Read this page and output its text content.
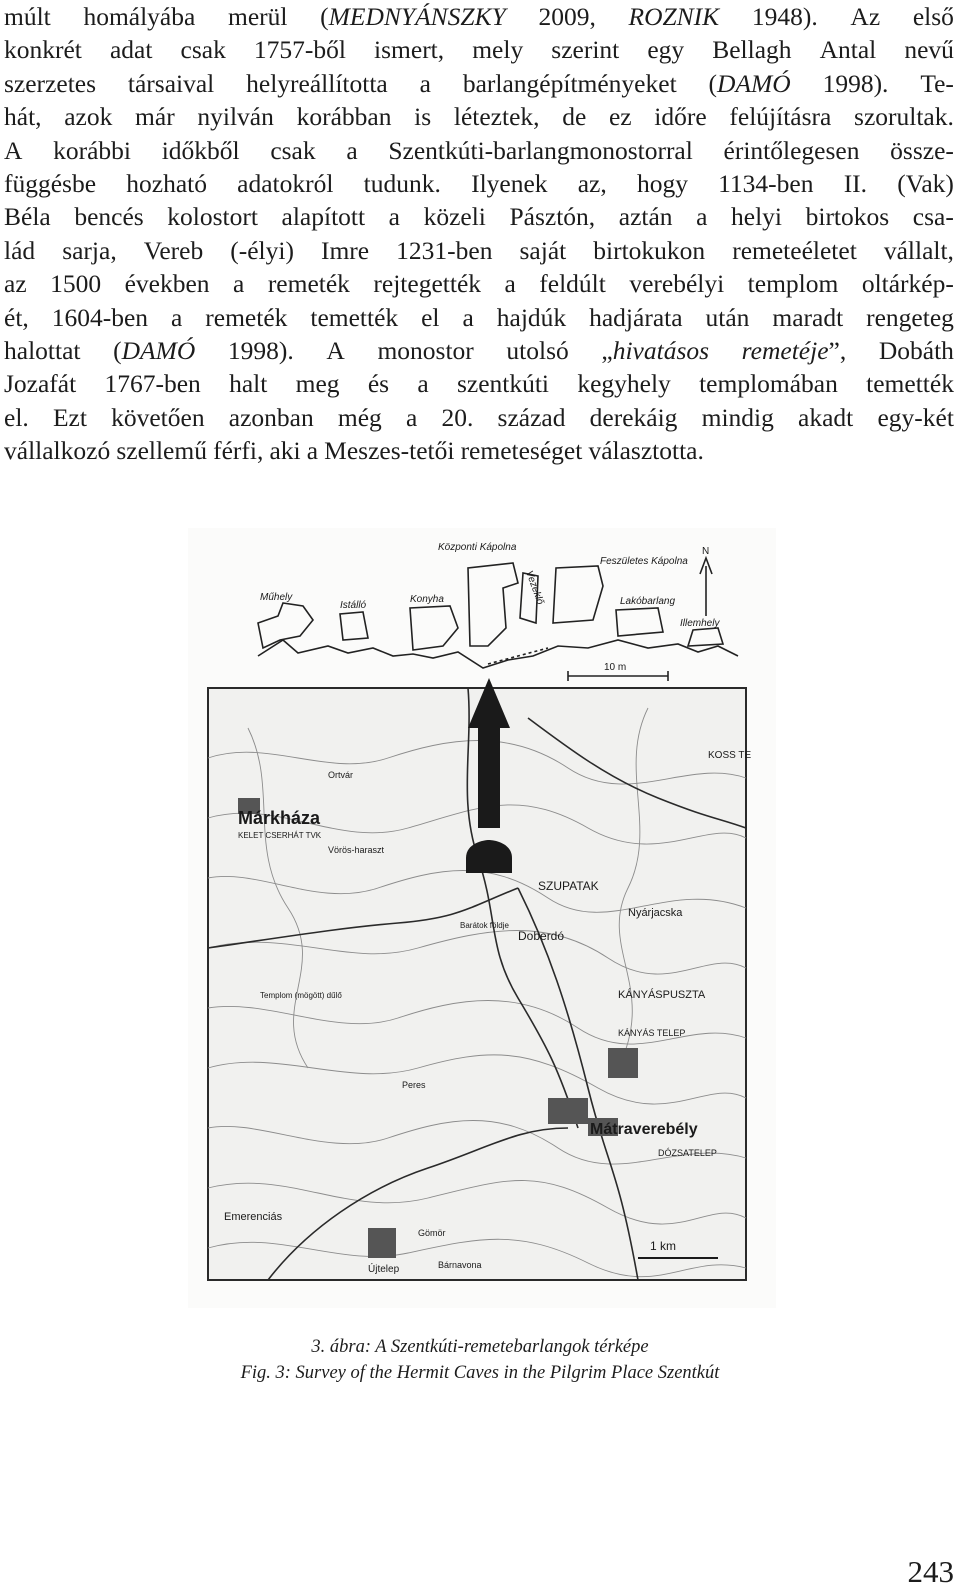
múlt homályába merül (MEDNYÁNSZKY 2009, ROZNIK 1948). Az első
konkrét adat csak 1757-ből ismert, mely szerint egy Bellagh Antal nevű
szerzetes társaival helyreállította a barlangépítményeket (DAMÓ 1998). Te-
hát, azok már nyilván korábban is léteztek, de ez időre felújításra szorultak.
A korábbi időkből csak a Szentkúti-barlangmonostorral érintőlegesen össze-
függésbe hozható adatokról tudunk. Ilyenek az, hogy 1134-ben II. (Vak)
Béla bencés kolostort alapított a közeli Pásztón, aztán a helyi birtokos csa-
lád sarja, Vereb (-élyi) Imre 1231-ben saját birtokukon remeteéletet vállalt,
az 1500 években a remeték rejtegették a feldúlt verebélyi templom oltárkép-
ét, 1604-ben a remeték temették el a hajdúk hadjárata után maradt rengeteg
halottat (DAMÓ 1998). A monostor utolsó „hivatásos remetéje”, Dobáth
Jozafát 1767-ben halt meg és a szentkúti kegyhely templomában temették
el. Ezt követően azonban még a 20. század derekáig mindig akadt egy-két
vállalkozó szellemű férfi, aki a Meszes-tetői remeteséget választotta.
Központi Kápolna
Feszületes Kápolna
Műhely
Istálló
Konyha	Vezeklő	Lakóbarlang
Illemhely
10 m
N
Márkháza
KELET CSERHÁT TVK
Ortvár
Vörös-haraszt
SZUPATAK
Nyárjacska
Doberdó
Barátok földje
KÁNYÁSPUSZTA
KÁNYÁS TELEP
Mátraverebély
DÓZSATELEP
Emerenciás
Újtelep	Bárnavona
Peres
Gömör
KOSS TE
Templom (mögött) dűlő
1 km
3. ábra: A Szentkúti-remetebarlangok térképe
Fig. 3: Survey of the Hermit Caves in the Pilgrim Place Szentkút
243
